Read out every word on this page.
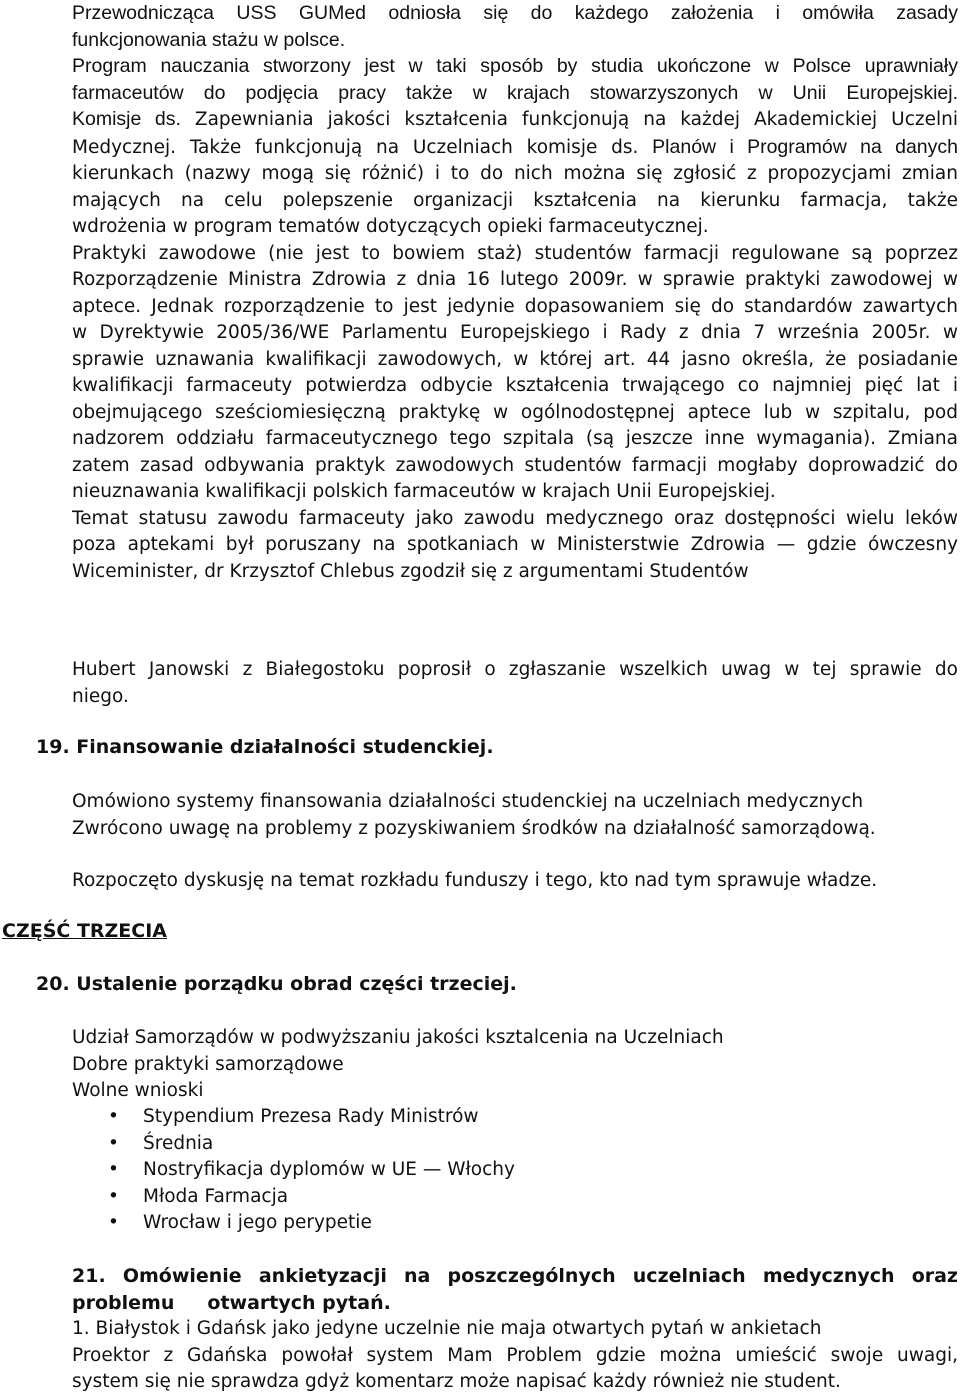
Przewodnicząca USS GUMed odniosła się do każdego założenia i omówiła zasady
funkcjonowania stażu w polsce.
Program nauczania stworzony jest w taki sposób by studia ukończone w Polsce uprawniały
farmaceutów do podjęcia pracy także w krajach stowarzyszonych w Unii Europejskiej.
Komisje ds. Zapewniania jakości kształcenia funkcjonują na każdej Akademickiej Uczelni
Medycznej. Także funkcjonują na Uczelniach komisje ds. Planów i Programów na danych
kierunkach (nazwy mogą się różnić) i to do nich można się zgłosić z propozycjami zmian
mających na celu polepszenie organizacji kształcenia na kierunku farmacja, także
wdrożenia w program tematów dotyczących opieki farmaceutycznej.
Praktyki zawodowe (nie jest to bowiem staż) studentów farmacji regulowane są poprzez
Rozporządzenie Ministra Zdrowia z dnia 16 lutego 2009r. w sprawie praktyki zawodowej w
aptece. Jednak rozporządzenie to jest jedynie dopasowaniem się do standardów zawartych
w Dyrektywie 2005/36/WE Parlamentu Europejskiego i Rady z dnia 7 września 2005r. w
sprawie uznawania kwalifikacji zawodowych, w której art. 44 jasno określa, że posiadanie
kwalifikacji farmaceuty potwierdza odbycie kształcenia trwającego co najmniej pięć lat i
obejmującego sześciomiesięczną praktykę w ogólnodostępnej aptece lub w szpitalu, pod
nadzorem oddziału farmaceutycznego tego szpitala (są jeszcze inne wymagania). Zmiana
zatem zasad odbywania praktyk zawodowych studentów farmacji mogłaby doprowadzić do
nieuznawania kwalifikacji polskich farmaceutów w krajach Unii Europejskiej.
Temat statusu zawodu farmaceuty jako zawodu medycznego oraz dostępności wielu leków
poza aptekami był poruszany na spotkaniach w Ministerstwie Zdrowia — gdzie ówczesny
Wiceminister, dr Krzysztof Chlebus zgodził się z argumentami Studentów
Hubert Janowski z Białegostoku poprosił o zgłaszanie wszelkich uwag w tej sprawie do
niego.
19. Finansowanie działalności studenckiej.
Omówiono systemy finansowania działalności studenckiej na uczelniach medycznych
Zwrócono uwagę na problemy z pozyskiwaniem środków na działalność samorządową.
Rozpoczęto dyskusję na temat rozkładu funduszy i tego, kto nad tym sprawuje władze.
CZĘŚĆ TRZECIA
20. Ustalenie porządku obrad części trzeciej.
Udział Samorządów w podwyższaniu jakości ksztalcenia na Uczelniach
Dobre praktyki samorządowe
Wolne wnioski
• Stypendium Prezesa Rady Ministrów
• Średnia
• Nostryfikacja dyplomów w UE — Włochy
• Młoda Farmacja
• Wrocław i jego perypetie
21. Omówienie ankietyzacji na poszczególnych uczelniach medycznych oraz
problemu     otwartych pytań.
1. Białystok i Gdańsk jako jedyne uczelnie nie maja otwartych pytań w ankietach
Proektor z Gdańska powołał system Mam Problem gdzie można umieścić swoje uwagi,
system się nie sprawdza gdyż komentarz może napisać każdy również nie student.
